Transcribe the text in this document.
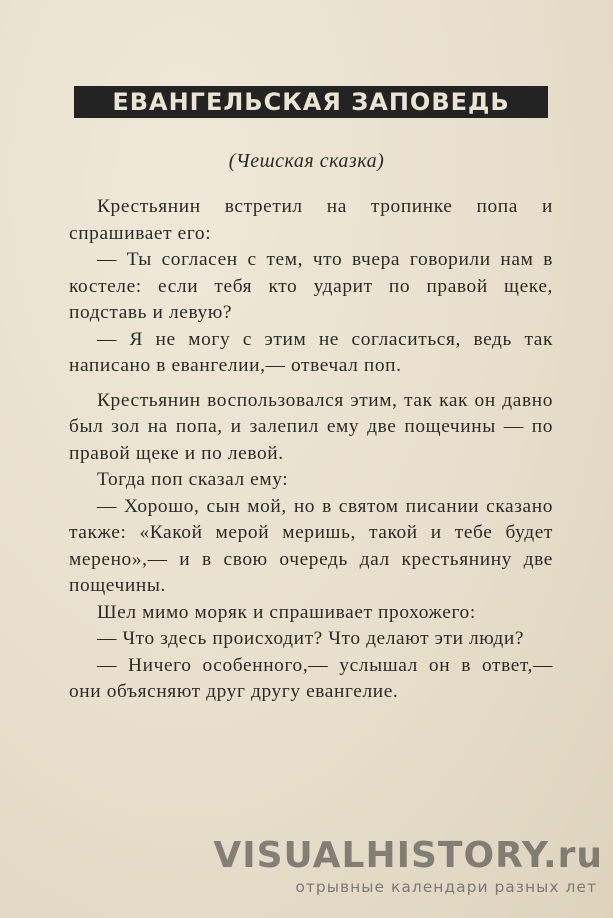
ЕВАНГЕЛЬСКАЯ ЗАПОВЕДЬ
(Чешская сказка)

Крестьянин встретил на тропинке попа и спрашивает его:

— Ты согласен с тем, что вчера говорили нам в костеле: если тебя кто ударит по правой щеке, подставь и левую?

— Я не могу с этим не согласиться, ведь так написано в евангелии,— отвечал поп.

Крестьянин воспользовался этим, так как он давно был зол на попа, и залепил ему две пощечины — по правой щеке и по левой.

Тогда поп сказал ему:

— Хорошо, сын мой, но в святом писании сказано также: «Какой мерой меришь, такой и тебе будет мерено»,— и в свою очередь дал крестьянину две пощечины.

Шел мимо моряк и спрашивает прохожего:

— Что здесь происходит? Что делают эти люди?

— Ничего особенного,— услышал он в ответ,— они объясняют друг другу евангелие.

VISUALHISTORY.ru
отрывные календари разных лет
